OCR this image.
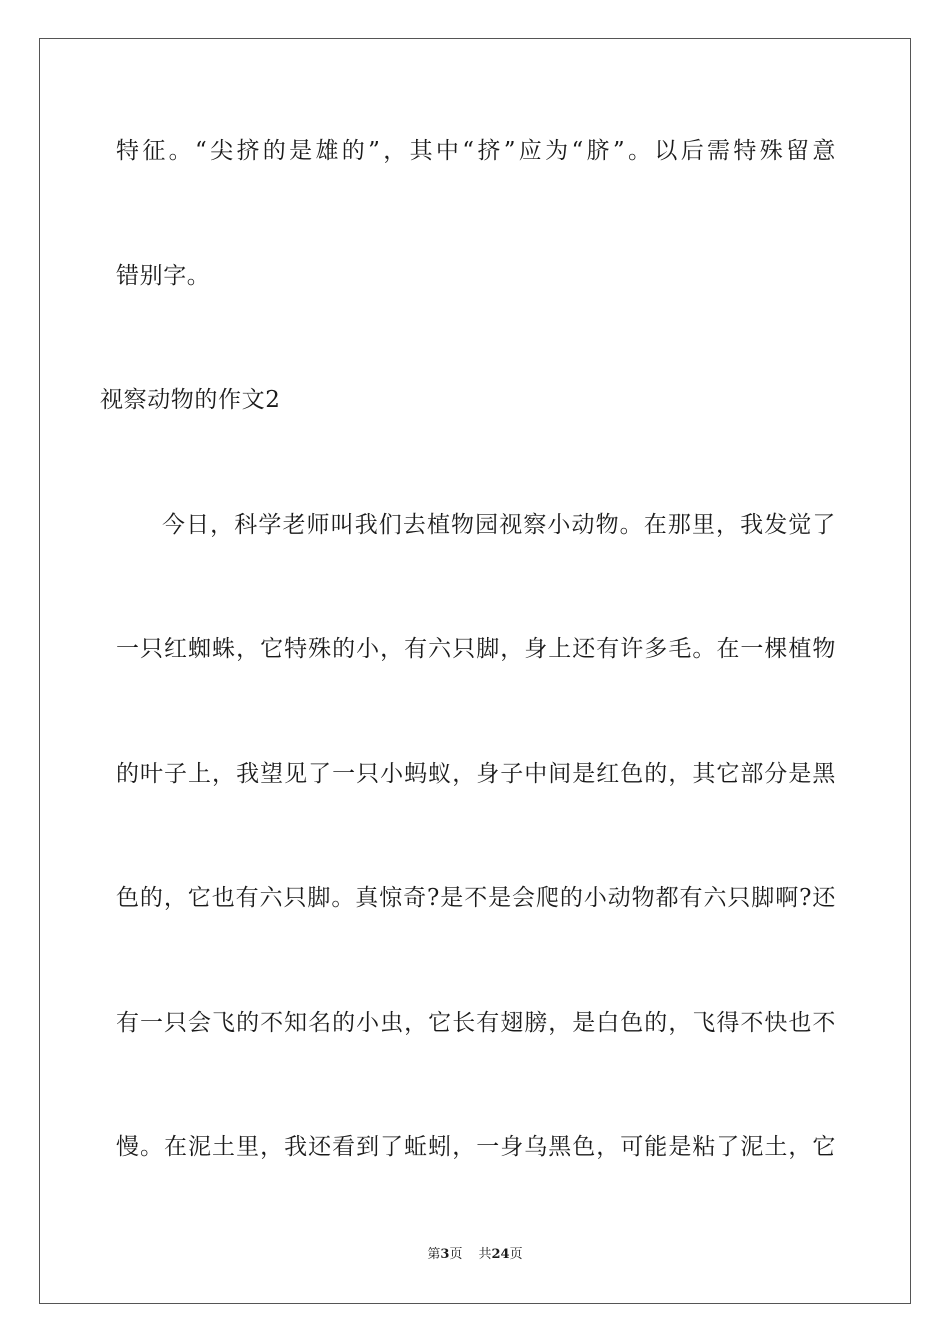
特征。“尖挤的是雄的”，其中“挤”应为“脐”。以后需特殊留意
错别字。
视察动物的作文2
今日，科学老师叫我们去植物园视察小动物。在那里，我发觉了
一只红蜘蛛，它特殊的小，有六只脚，身上还有许多毛。在一棵植物
的叶子上，我望见了一只小蚂蚁，身子中间是红色的，其它部分是黑
色的，它也有六只脚。真惊奇?是不是会爬的小动物都有六只脚啊?还
有一只会飞的不知名的小虫，它长有翅膀，是白色的，飞得不快也不
慢。在泥土里，我还看到了蚯蚓，一身乌黑色，可能是粘了泥土，它
第3页 共24页
